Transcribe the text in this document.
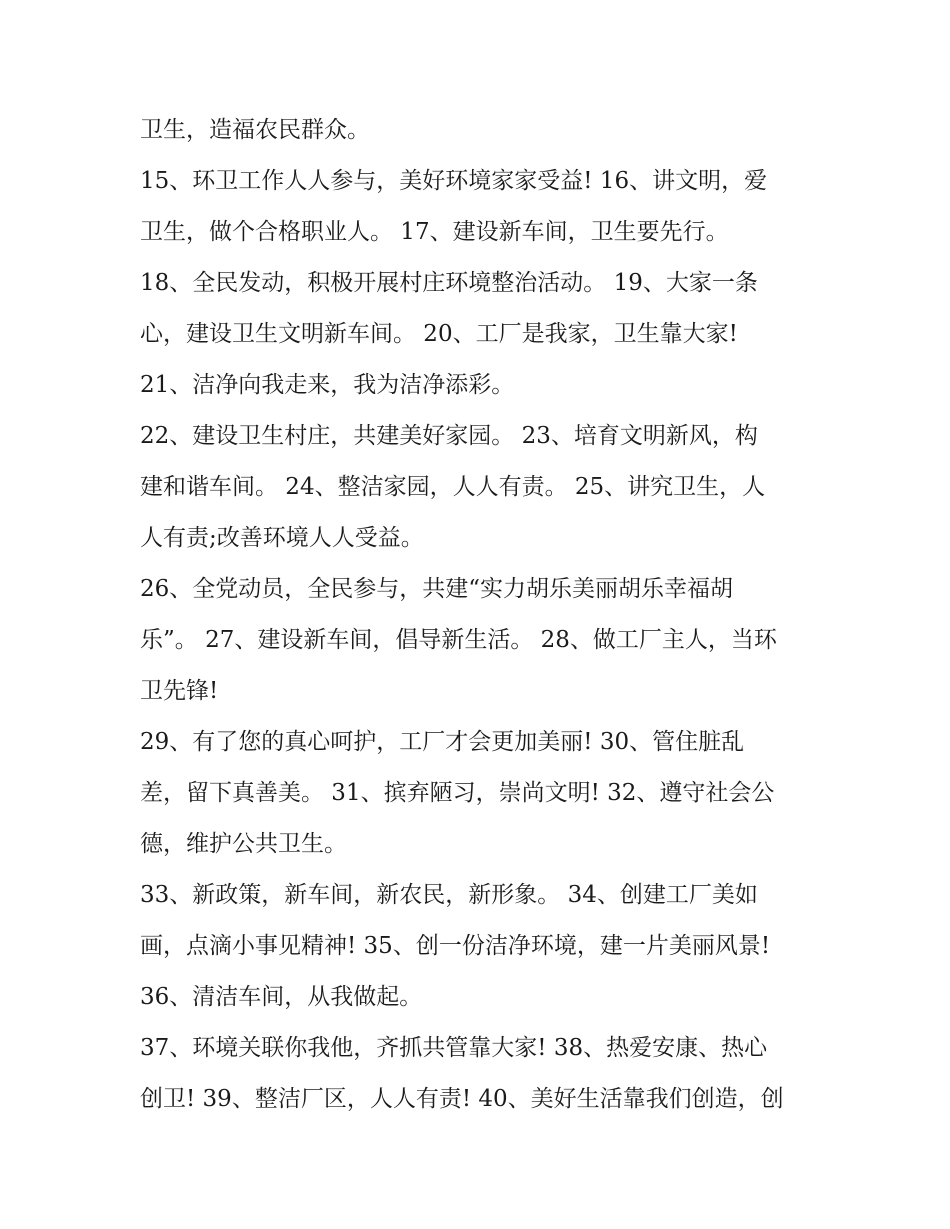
卫生，造福农民群众。
15、环卫工作人人参与，美好环境家家受益! 16、讲文明，爱
卫生，做个合格职业人。 17、建设新车间，卫生要先行。
18、全民发动，积极开展村庄环境整治活动。 19、大家一条
心，建设卫生文明新车间。 20、工厂是我家，卫生靠大家!
21、洁净向我走来，我为洁净添彩。
22、建设卫生村庄，共建美好家园。 23、培育文明新风，构
建和谐车间。 24、整洁家园，人人有责。 25、讲究卫生，人
人有责;改善环境人人受益。
26、全党动员，全民参与，共建“实力胡乐美丽胡乐幸福胡
乐”。 27、建设新车间，倡导新生活。 28、做工厂主人，当环
卫先锋!
29、有了您的真心呵护，工厂才会更加美丽! 30、管住脏乱
差，留下真善美。 31、摈弃陋习，崇尚文明! 32、遵守社会公
德，维护公共卫生。
33、新政策，新车间，新农民，新形象。 34、创建工厂美如
画，点滴小事见精神! 35、创一份洁净环境，建一片美丽风景!
36、清洁车间，从我做起。
37、环境关联你我他，齐抓共管靠大家! 38、热爱安康、热心
创卫! 39、整洁厂区，人人有责! 40、美好生活靠我们创造，创
